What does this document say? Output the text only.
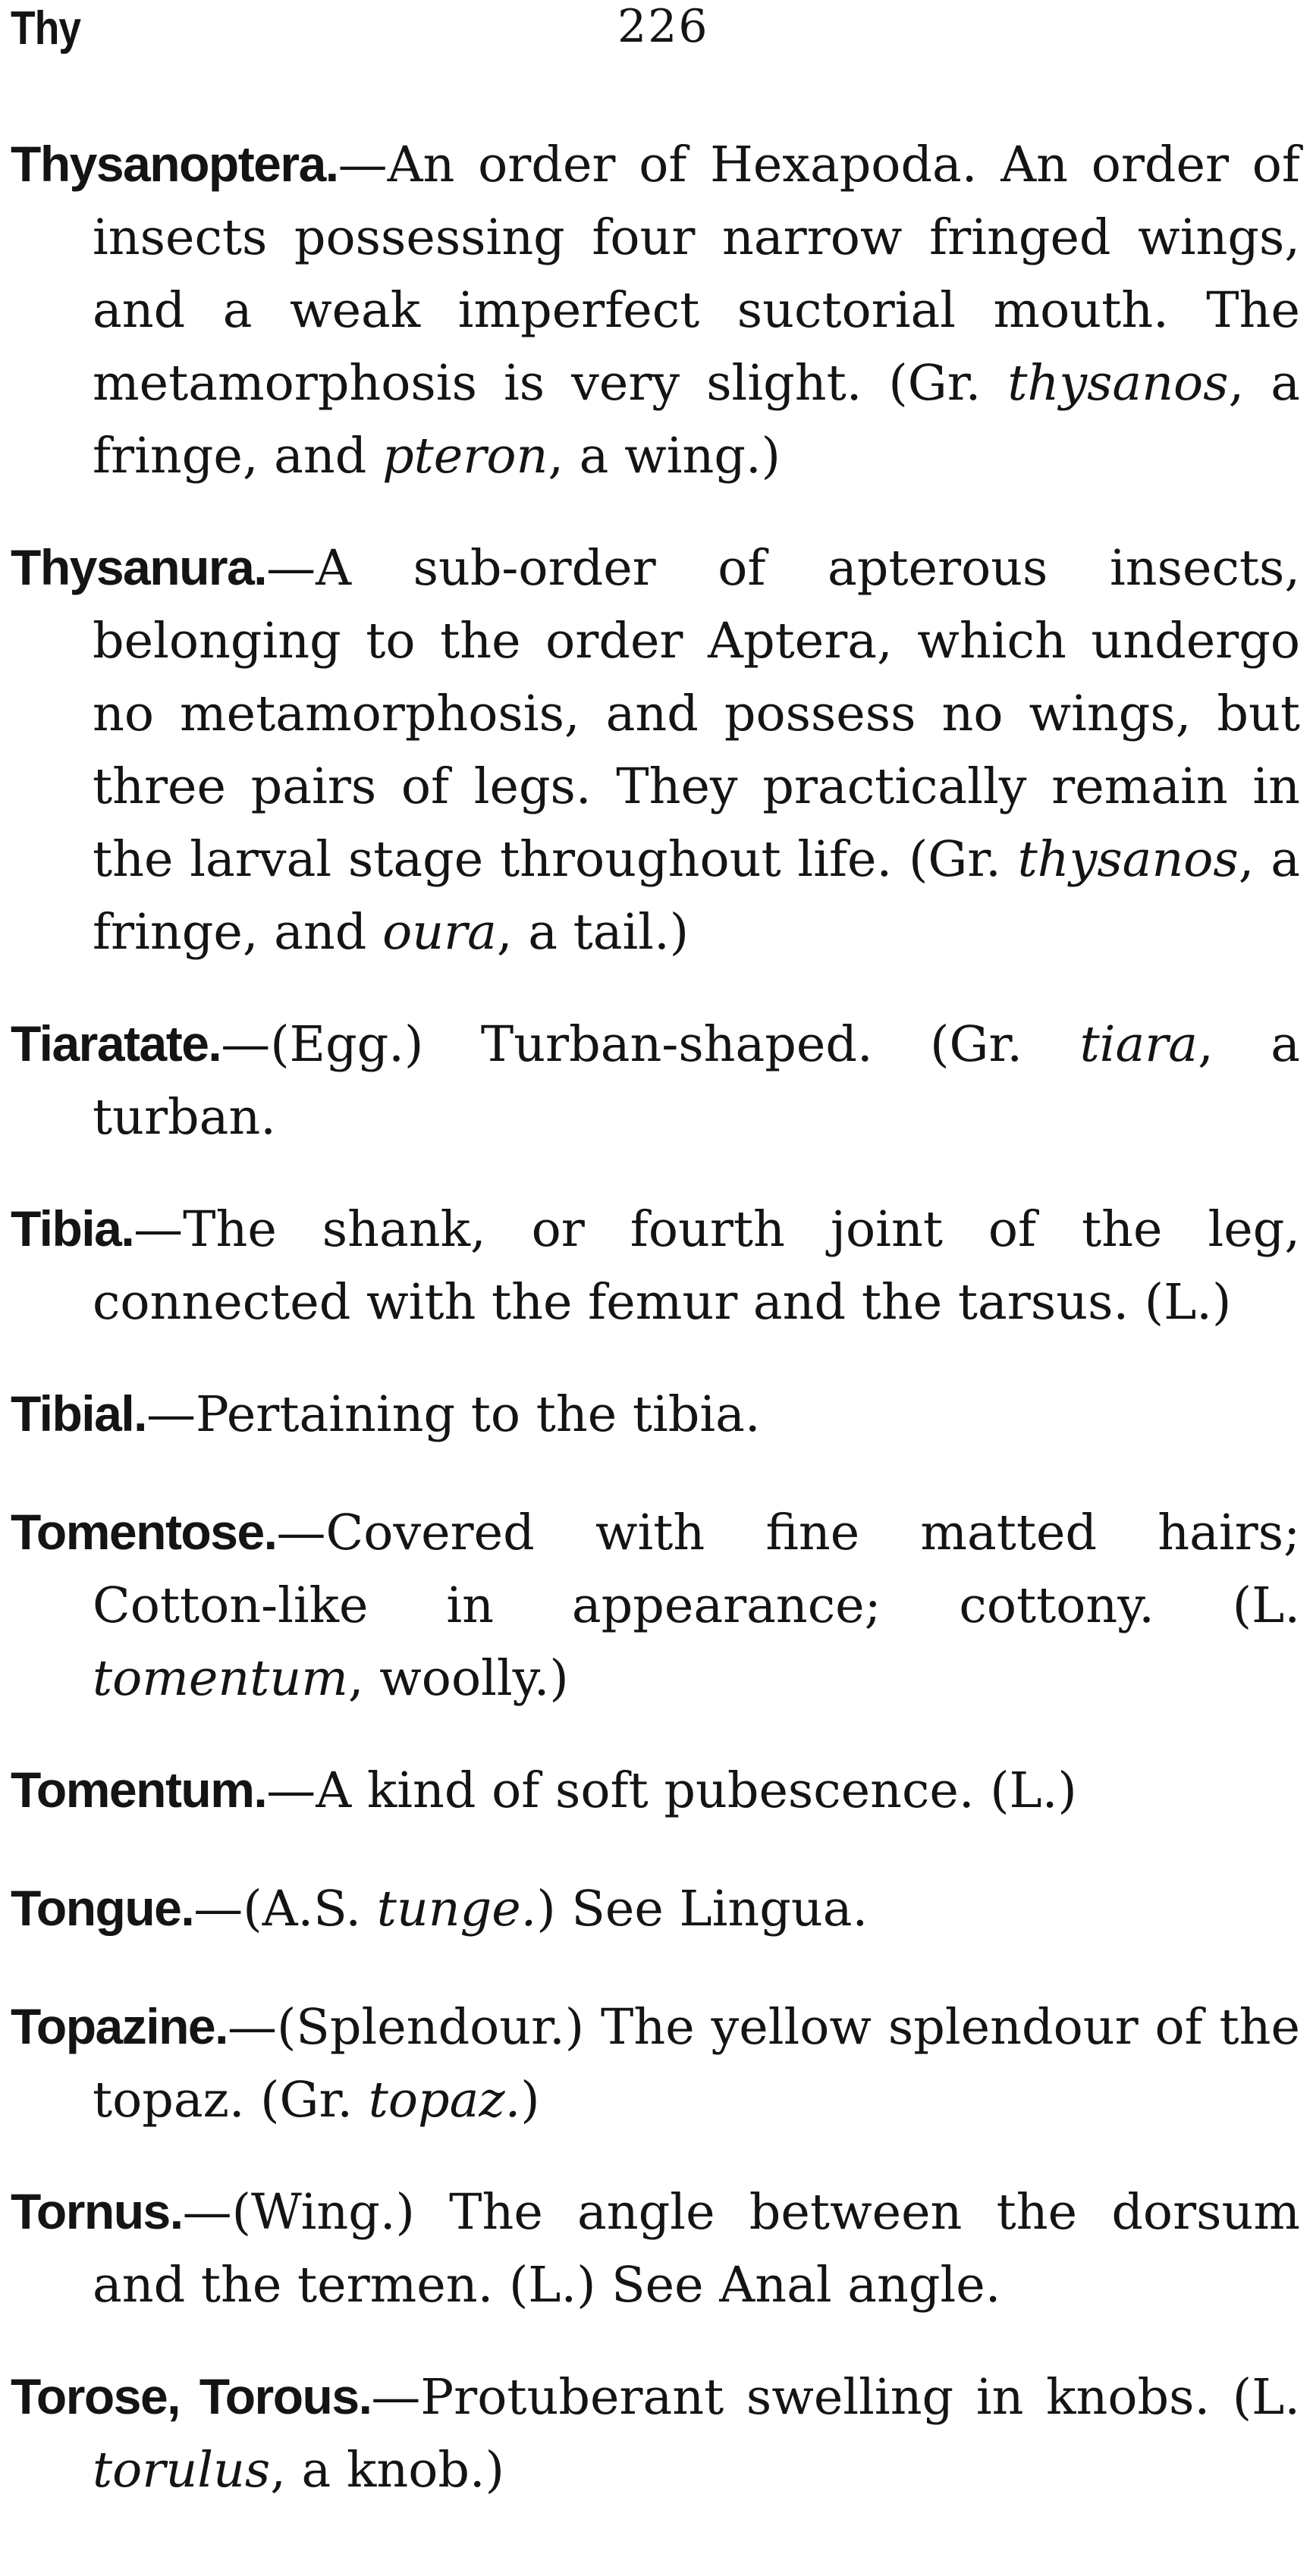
Thy	226

Thysanoptera.—An order of Hexapoda. An order of insects possessing four narrow fringed wings, and a weak imperfect suctorial mouth. The metamorphosis is very slight. (Gr. thysanos, a fringe, and pteron, a wing.)

Thysanura.—A sub-order of apterous insects, belonging to the order Aptera, which undergo no metamorphosis, and possess no wings, but three pairs of legs. They practically remain in the larval stage throughout life. (Gr. thysanos, a fringe, and oura, a tail.)

Tiaratate.—(Egg.) Turban-shaped. (Gr. tiara, a turban.

Tibia.—The shank, or fourth joint of the leg, connected with the femur and the tarsus. (L.)

Tibial.—Pertaining to the tibia.

Tomentose.—Covered with fine matted hairs; Cotton-like in appearance; cottony. (L. tomentum, woolly.)

Tomentum.—A kind of soft pubescence. (L.)

Tongue.—(A.S. tunge.) See Lingua.

Topazine.—(Splendour.) The yellow splendour of the topaz. (Gr. topaz.)

Tornus.—(Wing.) The angle between the dorsum and the termen. (L.) See Anal angle.

Torose, Torous.—Protuberant swelling in knobs. (L. torulus, a knob.)
